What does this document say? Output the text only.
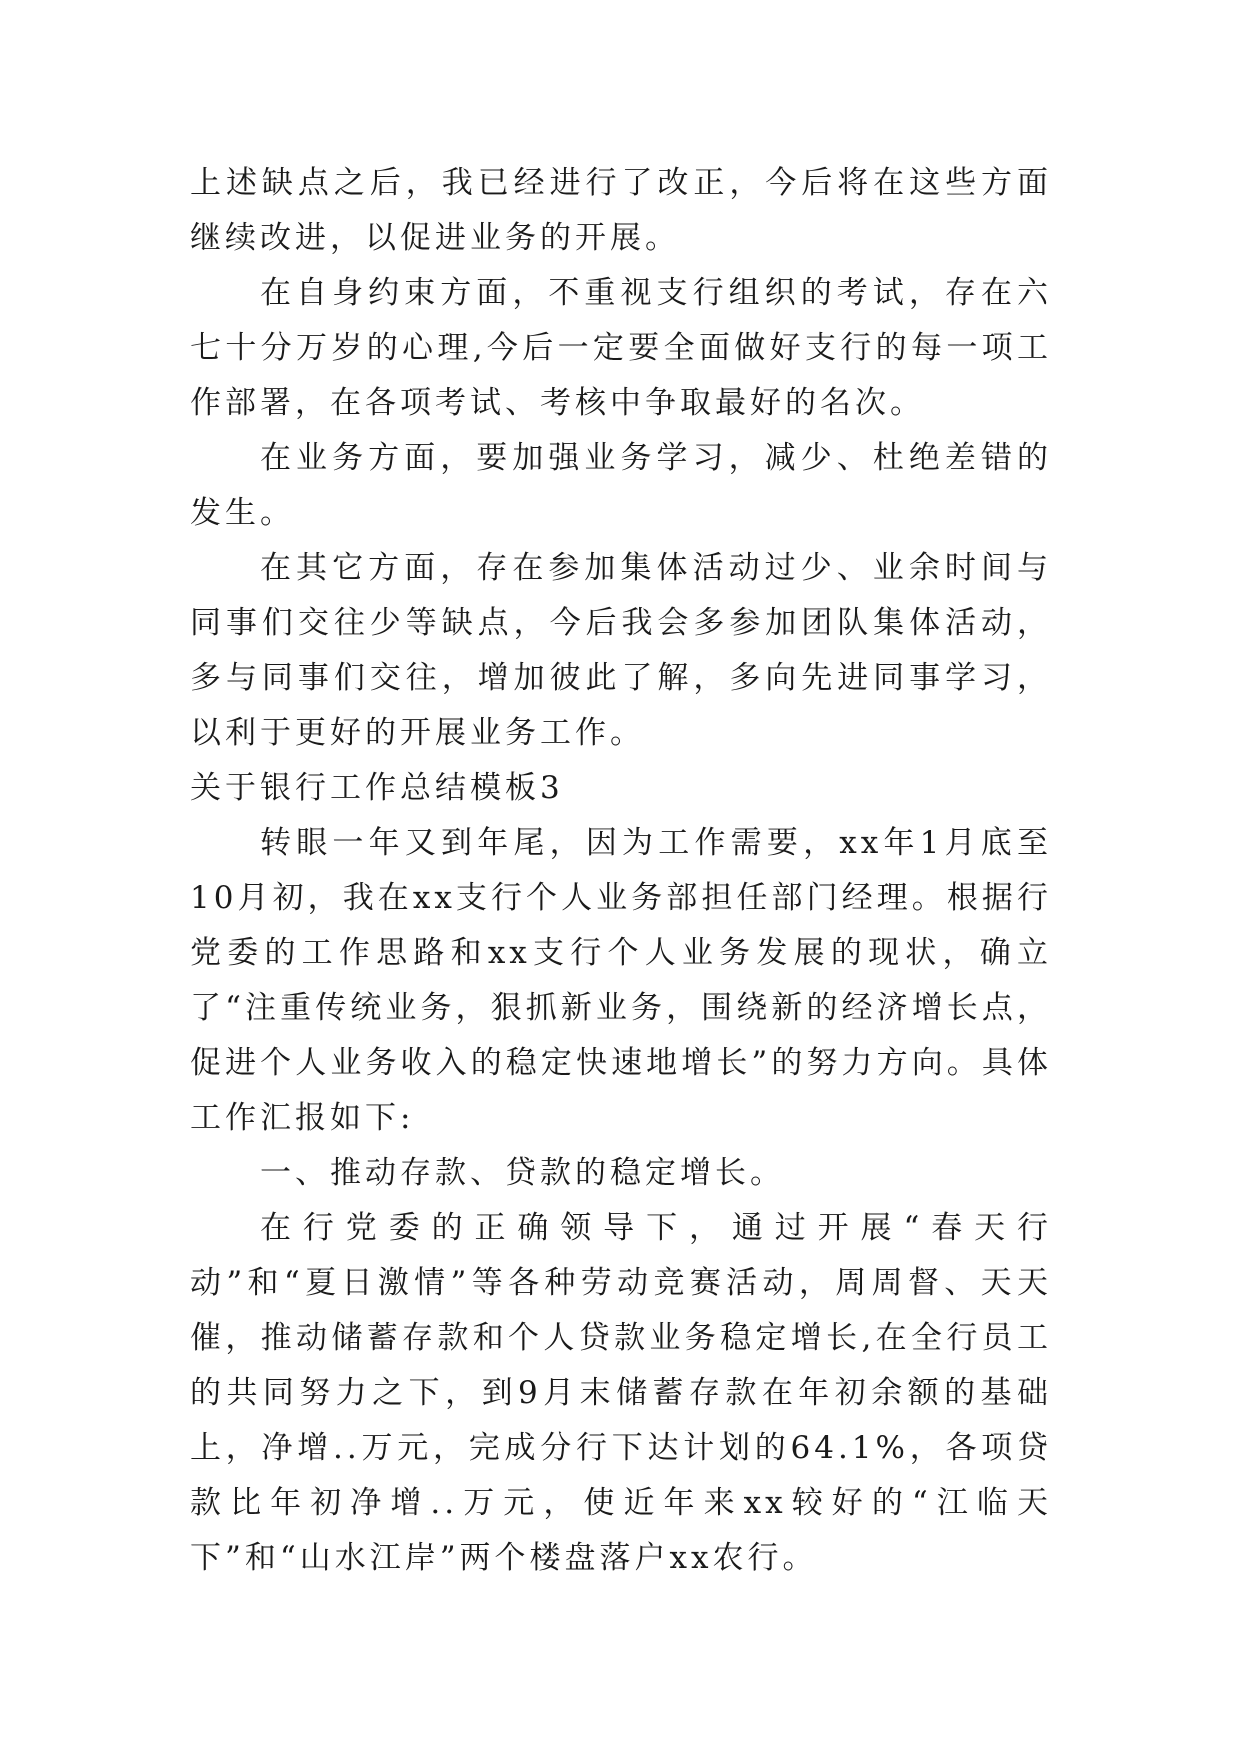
上述缺点之后，我已经进行了改正，今后将在这些方面继续改进，以促进业务的开展。

在自身约束方面，不重视支行组织的考试，存在六七十分万岁的心理,今后一定要全面做好支行的每一项工作部署，在各项考试、考核中争取最好的名次。

在业务方面，要加强业务学习，减少、杜绝差错的发生。

在其它方面，存在参加集体活动过少、业余时间与同事们交往少等缺点，今后我会多参加团队集体活动，多与同事们交往，增加彼此了解，多向先进同事学习，以利于更好的开展业务工作。

关于银行工作总结模板3

转眼一年又到年尾，因为工作需要，xx年1月底至10月初，我在xx支行个人业务部担任部门经理。根据行党委的工作思路和xx支行个人业务发展的现状，确立了“注重传统业务，狠抓新业务，围绕新的经济增长点，促进个人业务收入的稳定快速地增长”的努力方向。具体工作汇报如下:

一、推动存款、贷款的稳定增长。

在行党委的正确领导下，通过开展“春天行动”和“夏日激情”等各种劳动竞赛活动，周周督、天天催，推动储蓄存款和个人贷款业务稳定增长,在全行员工的共同努力之下，到9月末储蓄存款在年初余额的基础上，净增..万元，完成分行下达计划的64.1%，各项贷款比年初净增..万元，使近年来xx较好的“江临天下”和“山水江岸”两个楼盘落户xx农行。
